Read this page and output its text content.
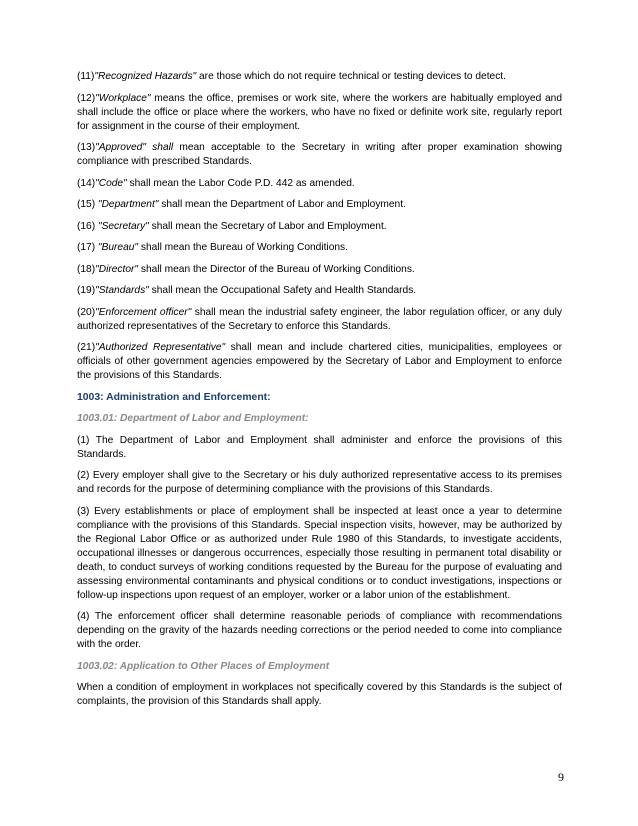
(11)"Recognized Hazards" are those which do not require technical or testing devices to detect.

(12)"Workplace" means the office, premises or work site, where the workers are habitually employed and shall include the office or place where the workers, who have no fixed or definite work site, regularly report for assignment in the course of their employment.

(13)"Approved" shall mean acceptable to the Secretary in writing after proper examination showing compliance with prescribed Standards.

(14)"Code" shall mean the Labor Code P.D. 442 as amended.

(15) "Department" shall mean the Department of Labor and Employment.

(16) "Secretary" shall mean the Secretary of Labor and Employment.

(17) "Bureau" shall mean the Bureau of Working Conditions.

(18)"Director" shall mean the Director of the Bureau of Working Conditions.

(19)"Standards" shall mean the Occupational Safety and Health Standards.

(20)"Enforcement officer" shall mean the industrial safety engineer, the labor regulation officer, or any duly authorized representatives of the Secretary to enforce this Standards.

(21)"Authorized Representative" shall mean and include chartered cities, municipalities, employees or officials of other government agencies empowered by the Secretary of Labor and Employment to enforce the provisions of this Standards.

1003: Administration and Enforcement:

1003.01: Department of Labor and Employment:

(1) The Department of Labor and Employment shall administer and enforce the provisions of this Standards.

(2) Every employer shall give to the Secretary or his duly authorized representative access to its premises and records for the purpose of determining compliance with the provisions of this Standards.

(3) Every establishments or place of employment shall be inspected at least once a year to determine compliance with the provisions of this Standards. Special inspection visits, however, may be authorized by the Regional Labor Office or as authorized under Rule 1980 of this Standards, to investigate accidents, occupational illnesses or dangerous occurrences, especially those resulting in permanent total disability or death, to conduct surveys of working conditions requested by the Bureau for the purpose of evaluating and assessing environmental contaminants and physical conditions or to conduct investigations, inspections or follow-up inspections upon request of an employer, worker or a labor union of the establishment.

(4) The enforcement officer shall determine reasonable periods of compliance with recommendations depending on the gravity of the hazards needing corrections or the period needed to come into compliance with the order.

1003.02: Application to Other Places of Employment

When a condition of employment in workplaces not specifically covered by this Standards is the subject of complaints, the provision of this Standards shall apply.

9
